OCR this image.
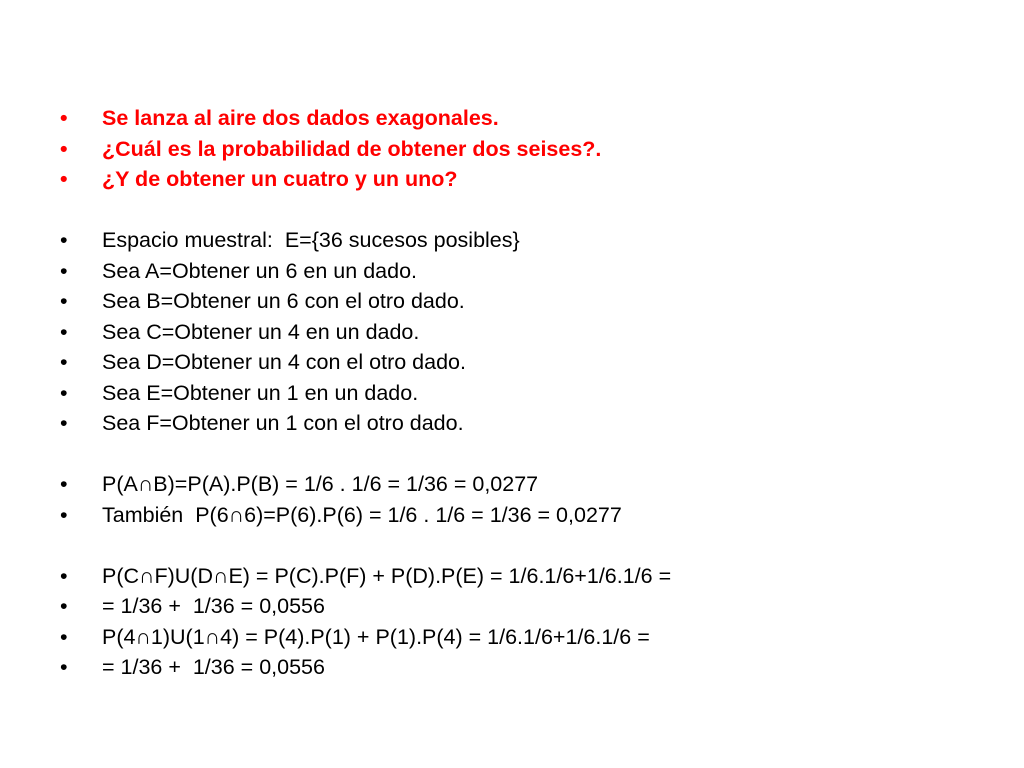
•	Se lanza al aire dos dados exagonales.
•	¿Cuál es la probabilidad de obtener dos seises?.
•	¿Y de obtener un cuatro y un uno?
•	Espacio muestral:  E={36 sucesos posibles}
•	Sea A=Obtener un 6 en un dado.
•	Sea B=Obtener un 6 con el otro dado.
•	Sea C=Obtener un 4 en un dado.
•	Sea D=Obtener un 4 con el otro dado.
•	Sea E=Obtener un 1 en un dado.
•	Sea F=Obtener un 1 con el otro dado.
•	P(A∩B)=P(A).P(B) = 1/6 . 1/6 = 1/36 = 0,0277
•	También  P(6∩6)=P(6).P(6) = 1/6 . 1/6 = 1/36 = 0,0277
•	P(C∩F)U(D∩E) = P(C).P(F) + P(D).P(E) = 1/6.1/6+1/6.1/6 =
•	= 1/36 +  1/36 = 0,0556
•	P(4∩1)U(1∩4) = P(4).P(1) + P(1).P(4) = 1/6.1/6+1/6.1/6 =
•	= 1/36 +  1/36 = 0,0556
